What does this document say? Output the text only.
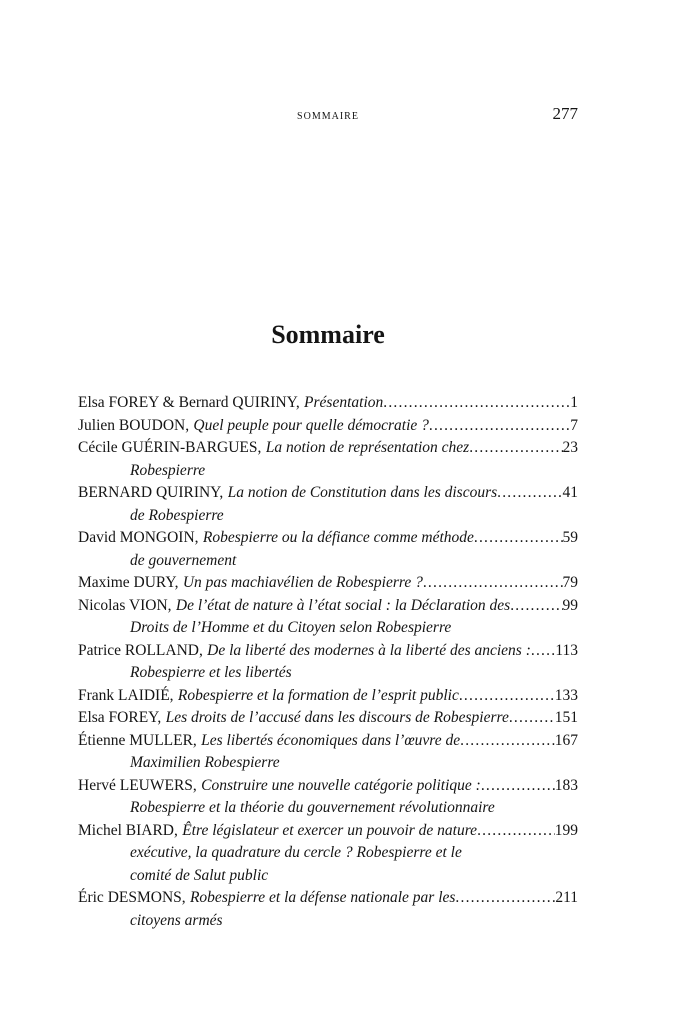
SOMMAIRE	277
Sommaire
Elsa FOREY & Bernard QUIRINY, Présentation .....	1
Julien BOUDON, Quel peuple pour quelle démocratie ? .....	7
Cécile GUÉRIN-BARGUES, La notion de représentation chez .....	23
Robespierre
BERNARD QUIRINY, La notion de Constitution dans les discours .....	41
de Robespierre
David MONGOIN, Robespierre ou la défiance comme méthode .....	59
de gouvernement
Maxime DURY, Un pas machiavélien de Robespierre ? .....	79
Nicolas VION, De l’état de nature à l’état social : la Déclaration des .....	99
Droits de l’Homme et du Citoyen selon Robespierre
Patrice ROLLAND, De la liberté des modernes à la liberté des anciens : ..... 113
Robespierre et les libertés
Frank LAIDIÉ, Robespierre et la formation de l’esprit public .....	133
Elsa FOREY, Les droits de l’accusé dans les discours de Robespierre .....	151
Étienne MULLER, Les libertés économiques dans l’œuvre de .....	167
Maximilien Robespierre
Hervé LEUWERS, Construire une nouvelle catégorie politique : .....	183
Robespierre et la théorie du gouvernement révolutionnaire
Michel BIARD, Être législateur et exercer un pouvoir de nature .....	199
exécutive, la quadrature du cercle ? Robespierre et le
comité de Salut public
Éric DESMONS, Robespierre et la défense nationale par les .....	211
citoyens armés
